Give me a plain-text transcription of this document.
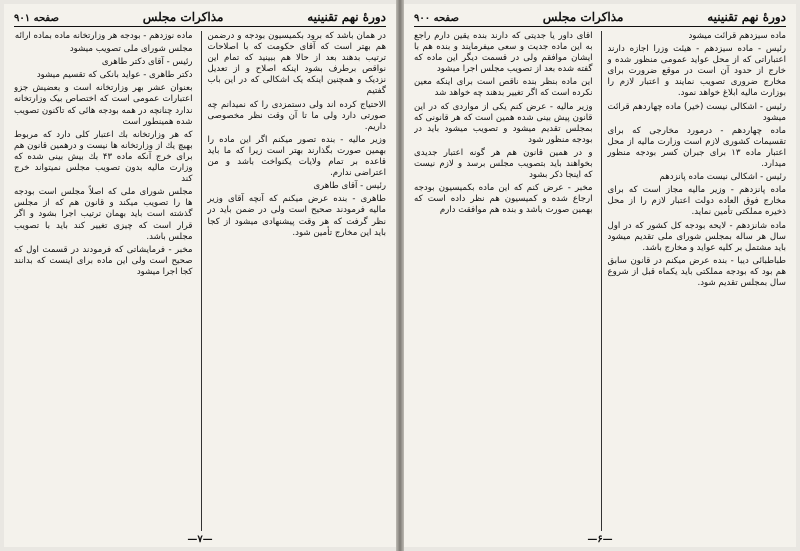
دورهٔ نهم تقنینیه
مذاکرات مجلس
صفحه ۹۰۱

در همان باشد که برود بکمیسیون بودجه و درضمن هم بهتر است که آقای حکومت که با اصلاحات ترتیب بدهند بعد از حالا هم ببینید که تمام این نواقص برطرف بشود اینکه اصلاح و از تعدیل نزدیک و همچنین اینکه یک اشکالی که در این باب گفتیم

الاحتیاج کرده اند ولی دستمزدی را که نمیدانم چه صورتی دارد ولی ما تا آن وقت نظر مخصوصی داریم.

وزیر مالیه - بنده تصور میکنم اگر این ماده را بهمین صورت بگذارند بهتر است زیرا که ما باید قاعده بر تمام ولایات یکنواخت باشد و من اعتراضی ندارم.

رئیس - آقای طاهری

طاهری - بنده عرض میکنم که آنچه آقای وزیر مالیه فرمودند صحیح است ولی در ضمن باید در نظر گرفت که هر وقت پیشنهادی میشود از کجا باید این مخارج تأمین شود.

ماده نوزدهم - بودجه هر وزارتخانه ماده بماده ارائه

مجلس شورای ملی تصویب میشود

رئیس - آقای دکتر طاهری

دکتر طاهری - عواید بانکی که تقسیم میشود

بعنوان عشر بهر وزارتخانه است و بعضیش جزو اعتبارات عمومی است که اختصاص بیک وزارتخانه ندارد چنانچه در همه بودجه هائی که تاکنون تصویب شده همینطور است

که هر وزارتخانه بك اعتبار کلی دارد که مربوط بهیچ یك از وزارتخانه ها نیست و درهمین قانون هم برای خرج آنکه ماده ۴۳ بك بیش بینی شده که وزارت مالیه بدون تصویب مجلس نمیتواند خرج کند

مجلس شورای ملی که اصلاً مجلس است بودجه ها را تصویب میکند و قانون هم که از مجلس گذشته است باید بهمان ترتیب اجرا بشود و اگر قرار است که چیزی تغییر کند باید با تصویب مجلس باشد.

مخبر - فرمایشاتی که فرمودند در قسمت اول که صحیح است ولی این ماده برای اینست که بدانند کجا اجرا میشود

—۷—
دورهٔ نهم تقنینیه
مذاکرات مجلس
صفحه ۹۰۰

ماده سیزدهم قرائت میشود

رئیس - ماده سیزدهم - هیئت وزرا اجازه دارند اعتباراتی که از محل عواید عمومی منظور شده و خارج از حدود آن است در موقع ضرورت برای مخارج ضروری تصویب نمایند و اعتبار لازم را بوزارت مالیه ابلاغ خواهد نمود.

رئیس - اشکالی نیست (خیر) ماده چهاردهم قرائت میشود

ماده چهاردهم - درمورد مخارجی که برای تقسیمات کشوری لازم است وزارت مالیه از محل اعتبار ماده ۱۳ برای جبران کسر بودجه منظور میدارد.

رئیس - اشکالی نیست ماده پانزدهم

ماده پانزدهم - وزیر مالیه مجاز است که برای مخارج فوق العاده دولت اعتبار لازم را از محل ذخیره مملکتی تأمین نماید.

ماده شانزدهم - لایحه بودجه کل کشور که در اول سال هر ساله بمجلس شورای ملی تقدیم میشود باید مشتمل بر کلیه عواید و مخارج باشد.

طباطبائی دیبا - بنده عرض میکنم در قانون سابق هم بود که بودجه مملکتی باید یکماه قبل از شروع سال بمجلس تقدیم شود.

آقای داور یا جدیتی که دارند بنده یقین دارم راجع به این ماده جدیت و سعی میفرمایند و بنده هم با ایشان موافقم ولی در قسمت دیگر این ماده که گفته شده بعد از تصویب مجلس اجرا میشود

این ماده بنظر بنده ناقص است برای اینکه معین نکرده است که اگر تغییر بدهند چه خواهد شد

وزیر مالیه - عرض کنم یکی از مواردی که در این قانون پیش بینی شده همین است که هر قانونی که بمجلس تقدیم میشود و تصویب میشود باید در بودجه منظور شود

و در همین قانون هم هر گونه اعتبار جدیدی بخواهند باید بتصویب مجلس برسد و لازم نیست که اینجا ذکر بشود

مخبر - عرض کنم که این ماده بکمیسیون بودجه ارجاع شده و کمیسیون هم نظر داده است که بهمین صورت باشد و بنده هم موافقت دارم

—۶—
